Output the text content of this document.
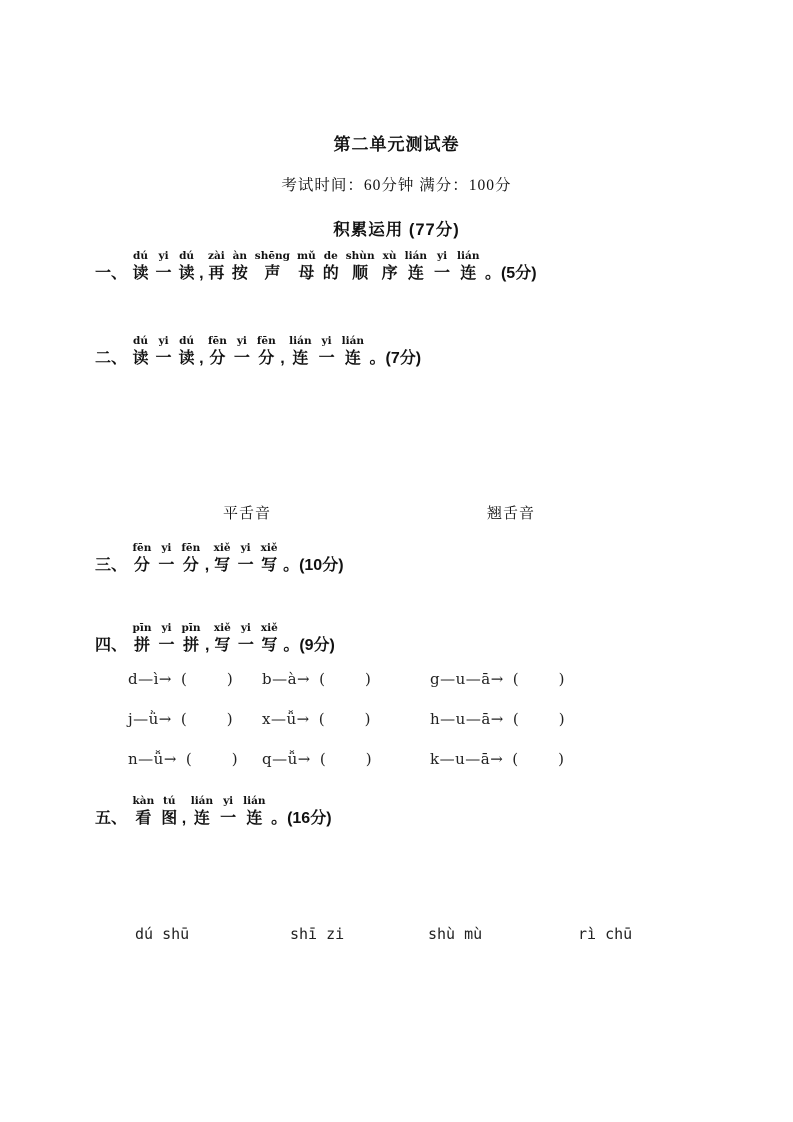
第二单元测试卷
考试时间：60分钟 满分：100分
积累运用 (77分)
一、
dú
读
yi
一
dú
读 ,
zài
再
àn
按
shēng
声
mǔ
母
de
的
shùn
顺
xù
序
lián
连
yi
一
lián
连 。(5分)
二、
dú
读
yi
一
dú
读 ,
fēn
分
yi
一
fēn
分 ,
lián
连
yi
一
lián
连 。(7分)
平舌音	翘舌音
三、
fēn
分
yi
一
fēn
分 ,
xiě
写
yi
一
xiě
写 。(10分)
四、
pīn
拼
yi
一
pīn
拼 ,
xiě
写
yi
一
xiě
写 。(9分)
d—ì→ (	) b—à→ (	)	g—u—ā→ (	)
j—ǜ→ (	) x—ǚ→ (	)	h—u—ā→ (	)
n—ǚ→ (	) q—ǚ→ (	)	k—u—ā→ (	)
五、
kàn
看
tú
图 ,
lián
连
yi
一
lián
连 。(16分)
dú shū	shī zi	shù mù	rì chū
